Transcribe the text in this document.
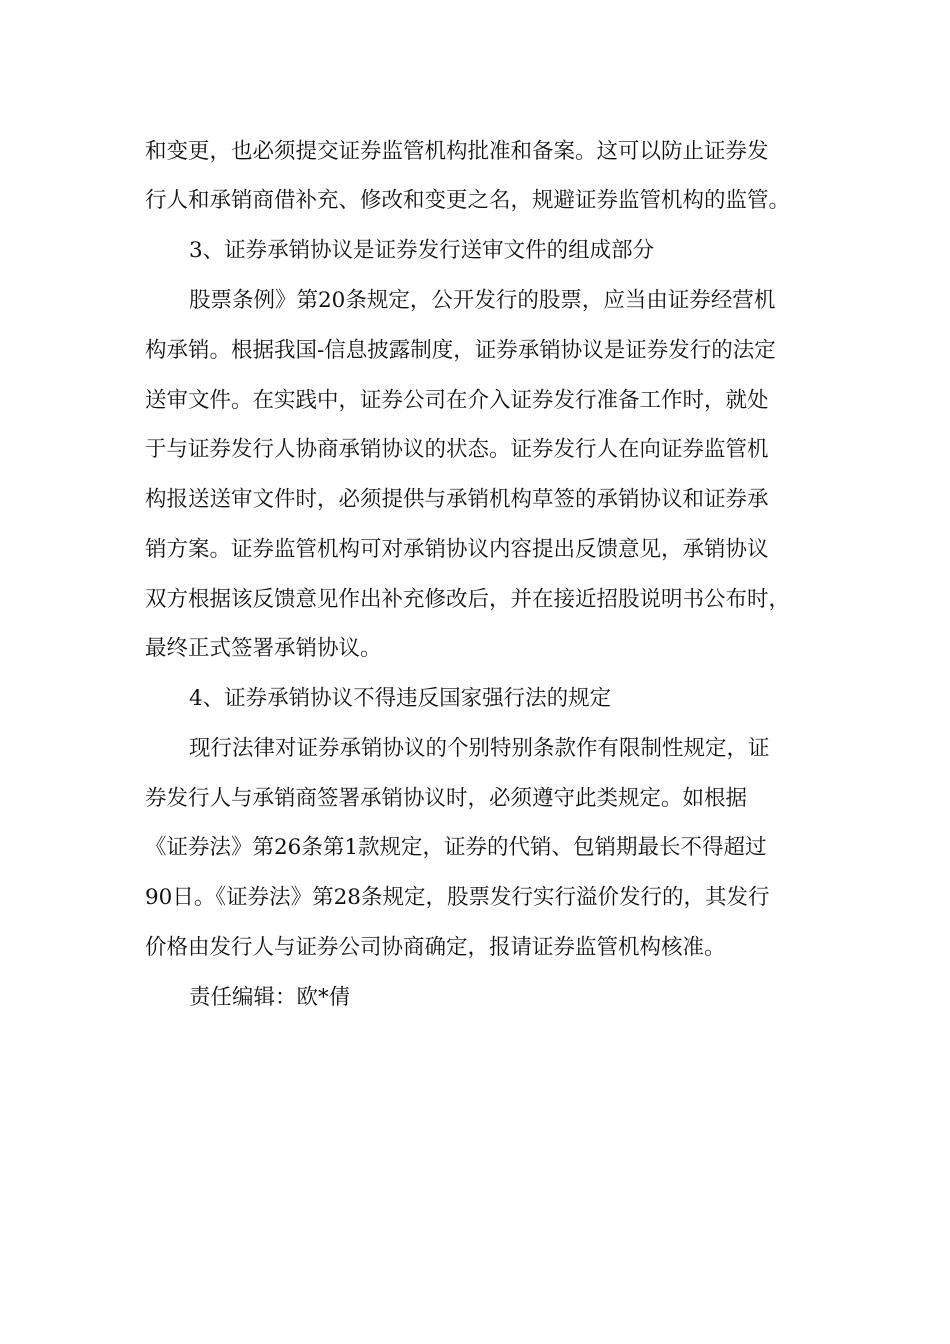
和变更，也必须提交证券监管机构批准和备案。这可以防止证券发
行人和承销商借补充、修改和变更之名，规避证券监管机构的监管。
3、证券承销协议是证券发行送审文件的组成部分
股票条例》第20条规定，公开发行的股票，应当由证券经营机
构承销。根据我国-信息披露制度，证券承销协议是证券发行的法定
送审文件。在实践中，证券公司在介入证券发行准备工作时，就处
于与证券发行人协商承销协议的状态。证券发行人在向证券监管机
构报送送审文件时，必须提供与承销机构草签的承销协议和证券承
销方案。证券监管机构可对承销协议内容提出反馈意见，承销协议
双方根据该反馈意见作出补充修改后，并在接近招股说明书公布时，
最终正式签署承销协议。
4、证券承销协议不得违反国家强行法的规定
现行法律对证券承销协议的个别特别条款作有限制性规定，证
券发行人与承销商签署承销协议时，必须遵守此类规定。如根据
《证券法》第26条第1款规定，证券的代销、包销期最长不得超过
90日。《证券法》第28条规定，股票发行实行溢价发行的，其发行
价格由发行人与证券公司协商确定，报请证券监管机构核准。
责任编辑：欧*倩
